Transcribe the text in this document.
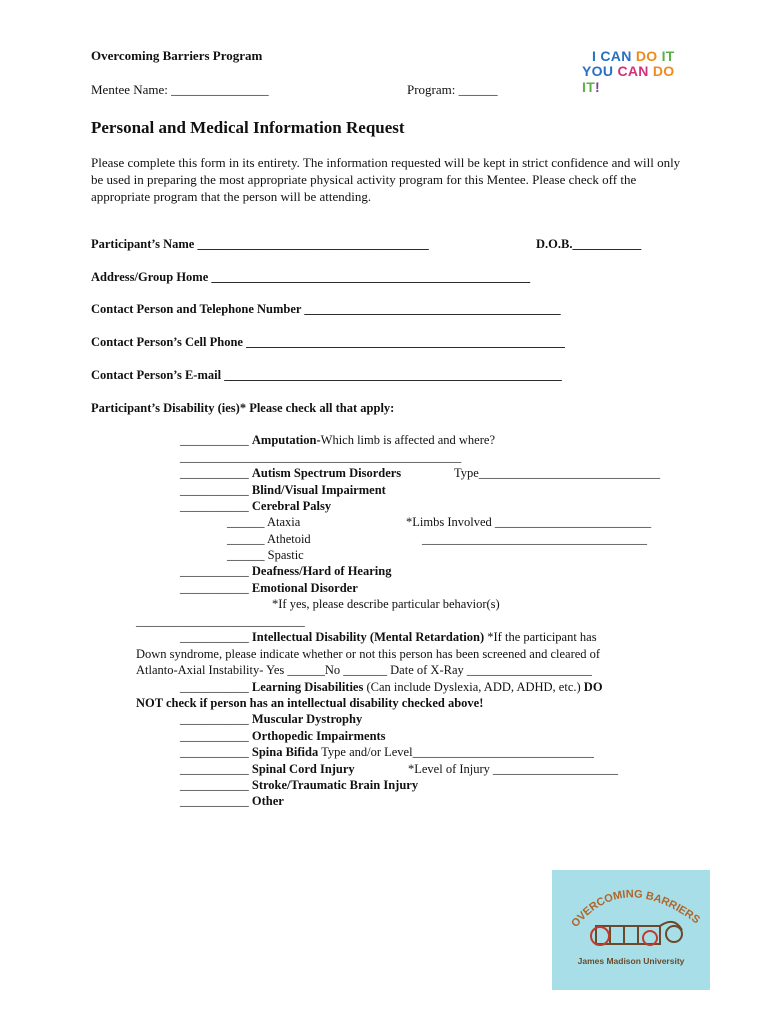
Overcoming Barriers Program
Mentee Name: _______________	Program: ______
I CAN DO IT
YOU CAN DO IT!
Personal and Medical Information Request
Please complete this form in its entirety. The information requested will be kept in strict confidence and will only be used in preparing the most appropriate physical activity program for this Mentee. Please check off the appropriate program that the person will be attending.
Participant’s Name _____________________________________	D.O.B.___________
Address/Group Home ___________________________________________________
Contact Person and Telephone Number _________________________________________
Contact Person’s Cell Phone ___________________________________________________
Contact Person’s E-mail ______________________________________________________
Participant’s Disability (ies)* Please check all that apply:
___________ Amputation-Which limb is affected and where?
_____________________________________________
___________ Autism Spectrum Disorders	Type_____________________________
___________ Blind/Visual Impairment
___________ Cerebral Palsy
______ Ataxia	*Limbs Involved _________________________
______ Athetoid	____________________________________
______ Spastic
___________ Deafness/Hard of Hearing
___________ Emotional Disorder
*If yes, please describe particular behavior(s)
___________________________
___________ Intellectual Disability (Mental Retardation) *If the participant has
Down syndrome, please indicate whether or not this person has been screened and cleared of
Atlanto-Axial Instability- Yes ______No _______ Date of X-Ray ____________________
___________ Learning Disabilities (Can include Dyslexia, ADD, ADHD, etc.) DO
NOT check if person has an intellectual disability checked above!
___________ Muscular Dystrophy
___________ Orthopedic Impairments
___________ Spina Bifida Type and/or Level_____________________________
___________ Spinal Cord Injury	*Level of Injury ____________________
___________ Stroke/Traumatic Brain Injury
___________ Other
OVERCOMING BARRIERS
James Madison University
